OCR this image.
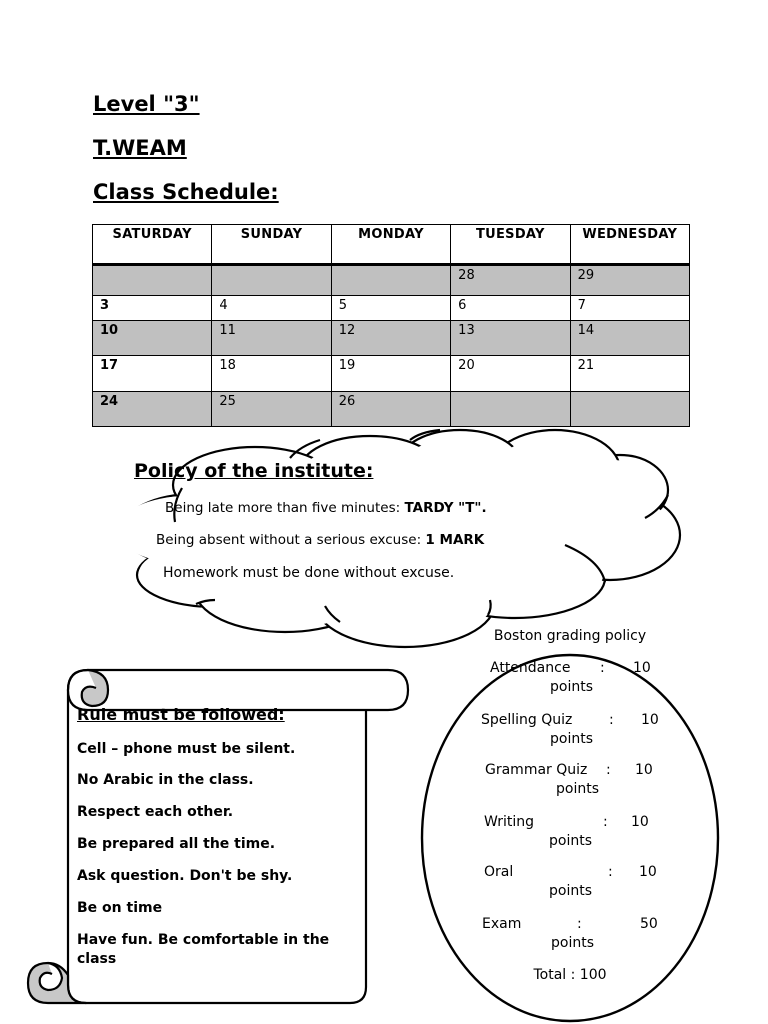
Level "3"
T.WEAM
Class Schedule:
SATURDAY	SUNDAY	MONDAY	TUESDAY	WEDNESDAY
			28	29
3	4	5	6	7
10	11	12	13	14
17	18	19	20	21
24	25	26		
Policy of the institute:

Being late more than five minutes: TARDY "T".

Being absent without a serious excuse: 1 MARK

Homework must be done without excuse.

Rule must be followed:

Cell – phone must be silent.

No Arabic in the class.

Respect each other.

Be prepared all the time.

Ask question. Don't be shy.

Be on time

Have fun. Be comfortable in the class

Boston grading policy

Attendance : 10
points
Spelling Quiz	: 10
points
Grammar Quiz : 10
points
Writing	: 10
points
Oral	: 10
points
Exam	:	50
points

Total : 100
